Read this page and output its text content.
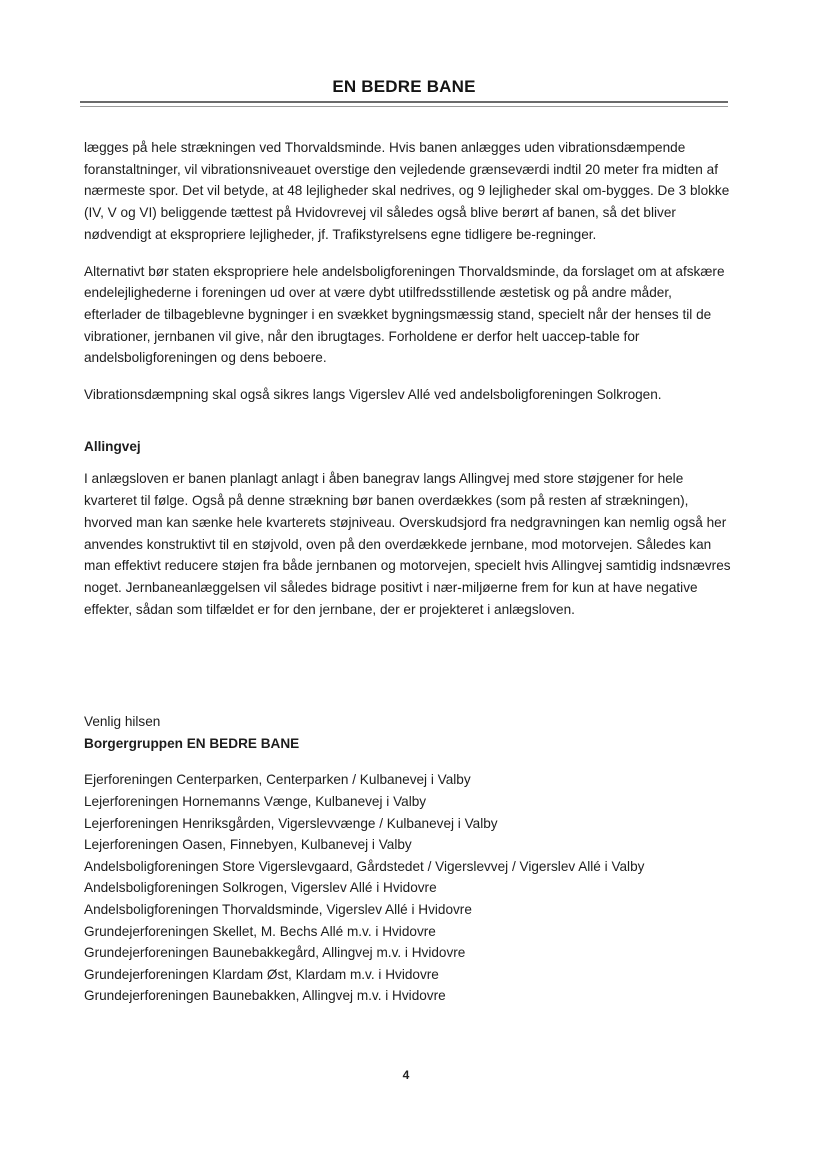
EN BEDRE BANE

lægges på hele strækningen ved Thorvaldsminde. Hvis banen anlægges uden vibrationsdæmpende foranstaltninger, vil vibrationsniveauet overstige den vejledende grænseværdi indtil 20 meter fra midten af nærmeste spor. Det vil betyde, at 48 lejligheder skal nedrives, og 9 lejligheder skal om-bygges. De 3 blokke (IV, V og VI) beliggende tættest på Hvidovrevej vil således også blive berørt af banen, så det bliver nødvendigt at ekspropriere lejligheder, jf. Trafikstyrelsens egne tidligere be-regninger.

Alternativt bør staten ekspropriere hele andelsboligforeningen Thorvaldsminde, da forslaget om at afskære endelejlighederne i foreningen ud over at være dybt utilfredsstillende æstetisk og på andre måder, efterlader de tilbageblevne bygninger i en svækket bygningsmæssig stand, specielt når der henses til de vibrationer, jernbanen vil give, når den ibrugtages. Forholdene er derfor helt uaccep-table for andelsboligforeningen og dens beboere.

Vibrationsdæmpning skal også sikres langs Vigerslev Allé ved andelsboligforeningen Solkrogen.

Allingvej

I anlægsloven er banen planlagt anlagt i åben banegrav langs Allingvej med store støjgener for hele kvarteret til følge. Også på denne strækning bør banen overdækkes (som på resten af strækningen), hvorved man kan sænke hele kvarterets støjniveau. Overskudsjord fra nedgravningen kan nemlig også her anvendes konstruktivt til en støjvold, oven på den overdækkede jernbane, mod motorvejen. Således kan man effektivt reducere støjen fra både jernbanen og motorvejen, specielt hvis Allingvej samtidig indsnævres noget. Jernbaneanlæggelsen vil således bidrage positivt i nær-miljøerne frem for kun at have negative effekter, sådan som tilfældet er for den jernbane, der er projekteret i anlægsloven.

Venlig hilsen

Borgergruppen EN BEDRE BANE

Ejerforeningen Centerparken, Centerparken / Kulbanevej i Valby
Lejerforeningen Hornemanns Vænge, Kulbanevej i Valby
Lejerforeningen Henriksgården, Vigerslevvænge / Kulbanevej i Valby
Lejerforeningen Oasen, Finnebyen, Kulbanevej i Valby
Andelsboligforeningen Store Vigerslevgaard, Gårdstedet / Vigerslevvej / Vigerslev Allé i Valby
Andelsboligforeningen Solkrogen, Vigerslev Allé i Hvidovre
Andelsboligforeningen Thorvaldsminde, Vigerslev Allé i Hvidovre
Grundejerforeningen Skellet, M. Bechs Allé m.v. i Hvidovre
Grundejerforeningen Baunebakkegård, Allingvej m.v. i Hvidovre
Grundejerforeningen Klardam Øst, Klardam m.v. i Hvidovre
Grundejerforeningen Baunebakken, Allingvej m.v. i Hvidovre
4
